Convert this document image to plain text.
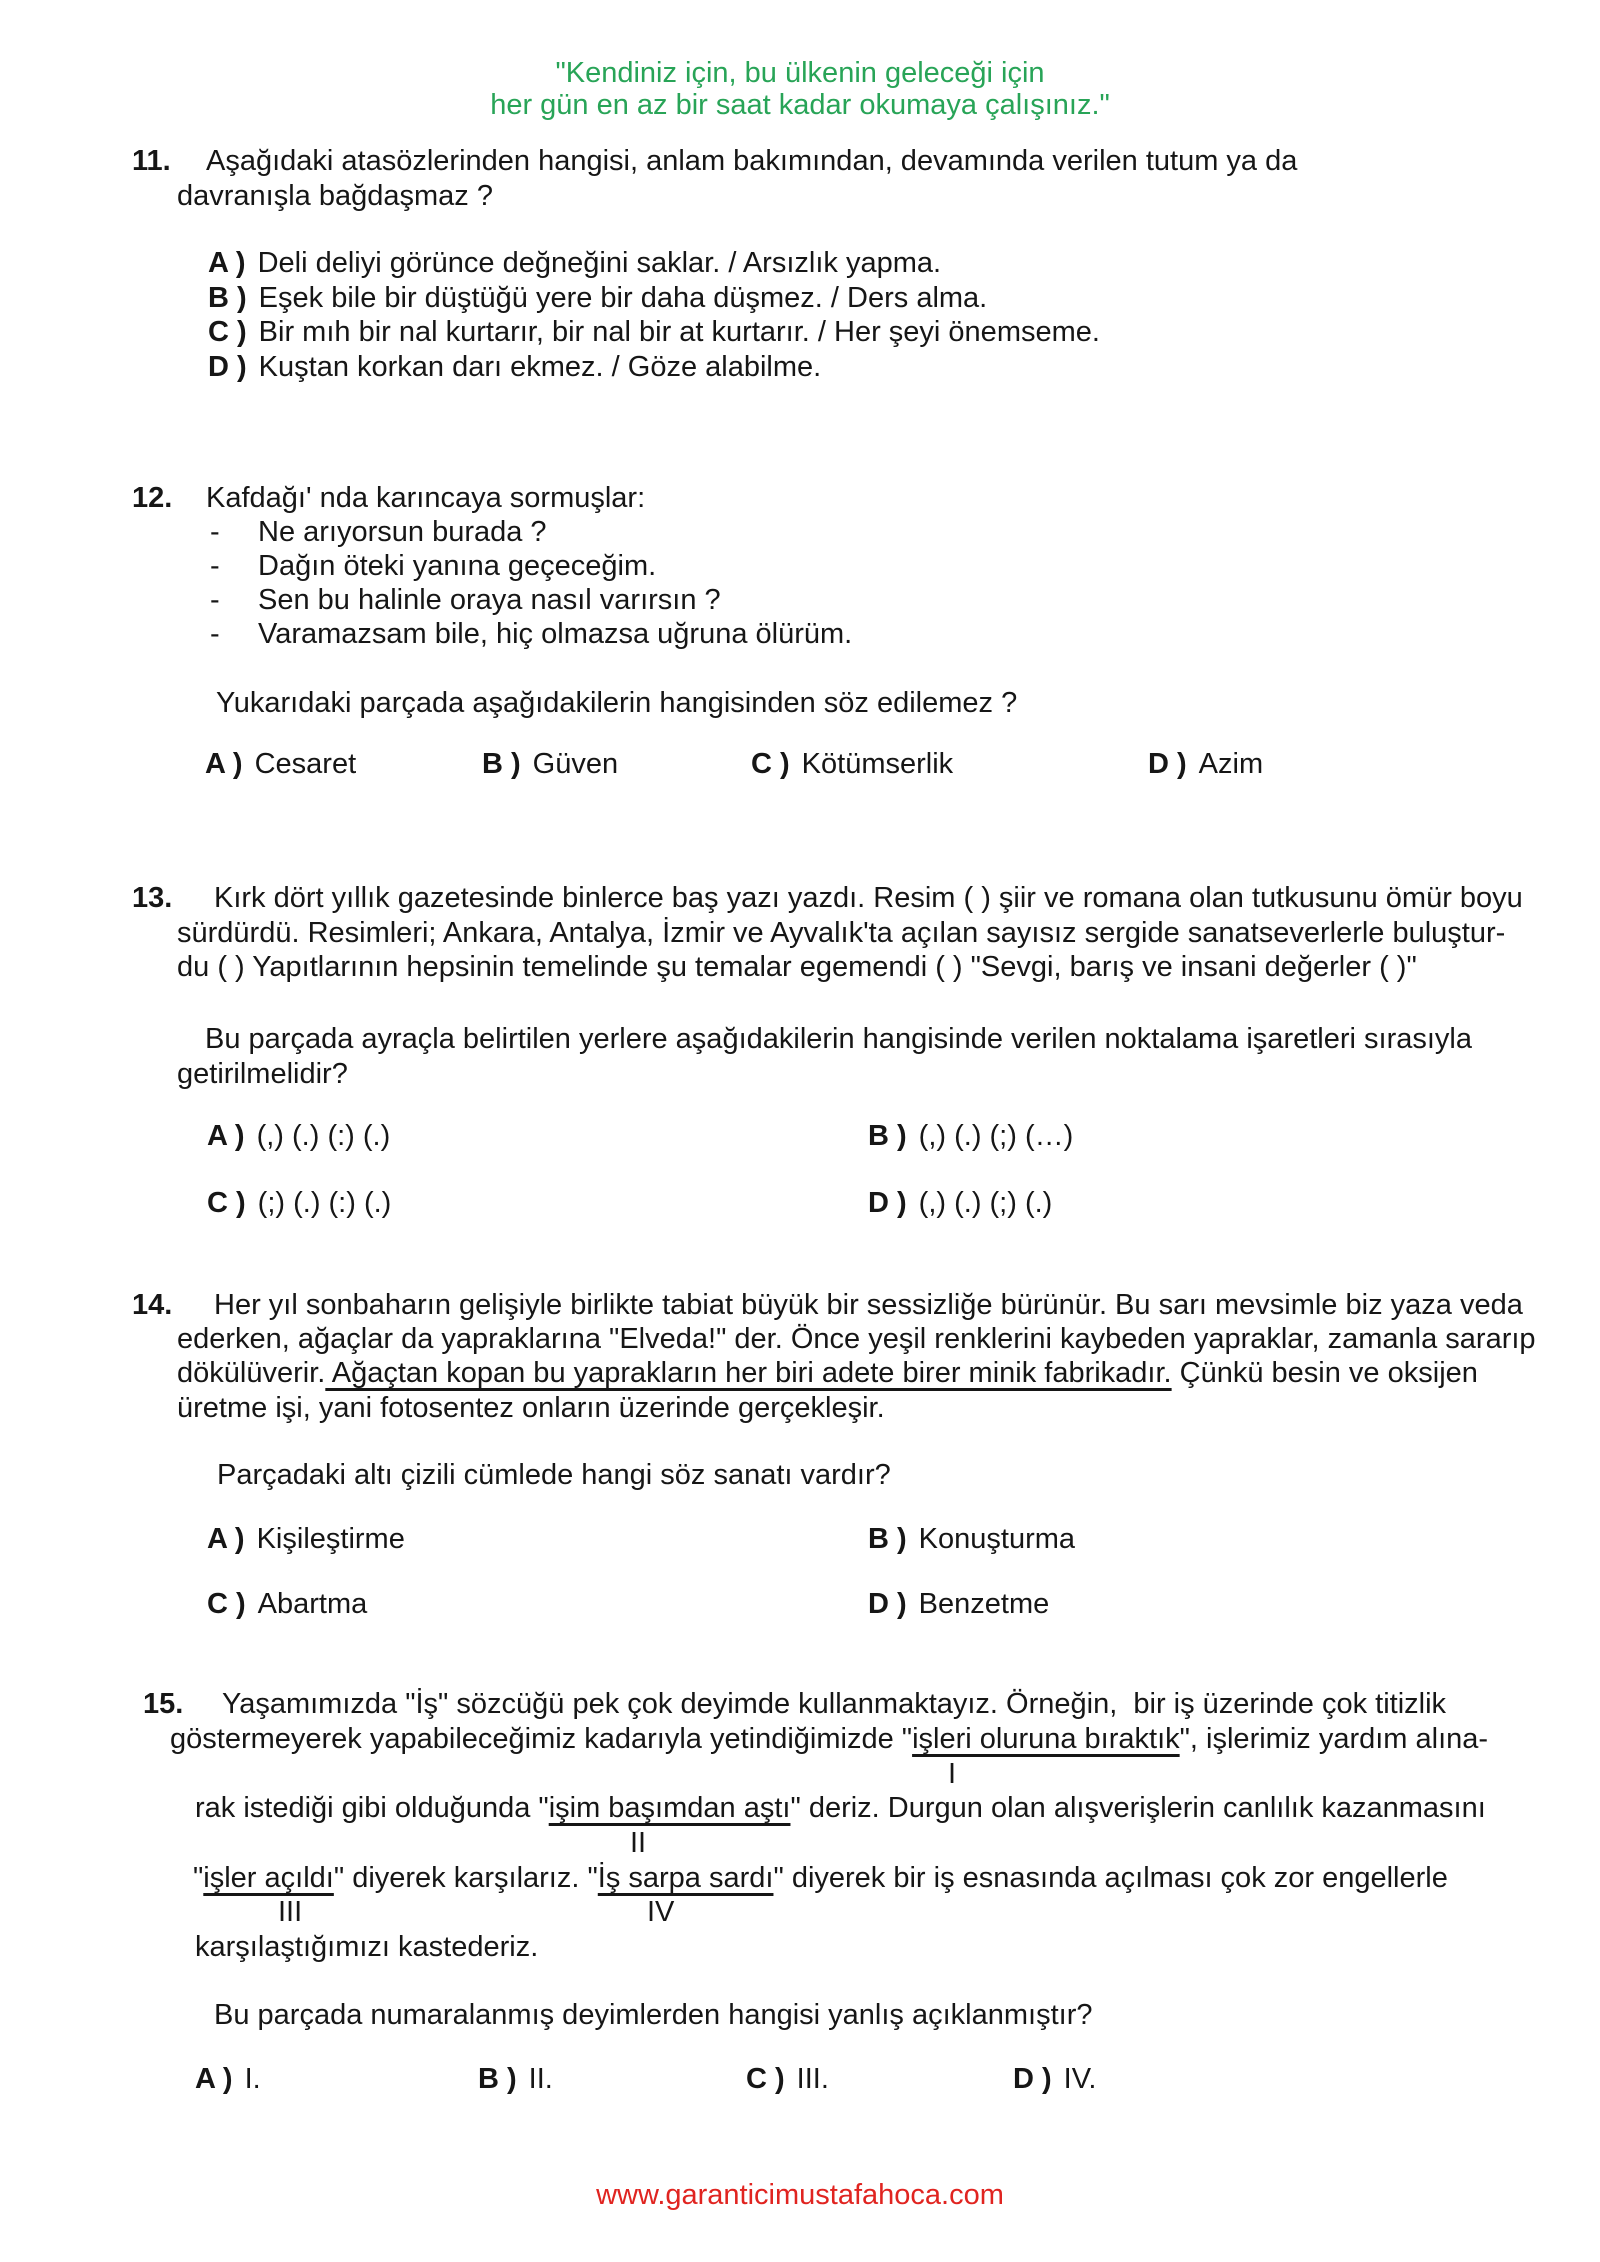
"Kendiniz için, bu ülkenin geleceği için
her gün en az bir saat kadar okumaya çalışınız."
11. Aşağıdaki atasözlerinden hangisi, anlam bakımından, devamında verilen tutum ya da
davranışla bağdaşmaz ?
A ) Deli deliyi görünce değneğini saklar. / Arsızlık yapma.
B ) Eşek bile bir düştüğü yere bir daha düşmez. / Ders alma.
C ) Bir mıh bir nal kurtarır, bir nal bir at kurtarır. / Her şeyi önemseme.
D ) Kuştan korkan darı ekmez. / Göze alabilme.
12. Kafdağı' nda karıncaya sormuşlar:
- Ne arıyorsun burada ?
- Dağın öteki yanına geçeceğim.
- Sen bu halinle oraya nasıl varırsın ?
- Varamazsam bile, hiç olmazsa uğruna ölürüm.
Yukarıdaki parçada aşağıdakilerin hangisinden söz edilemez ?
A ) Cesaret	B ) Güven	C ) Kötümserlik	D ) Azim
13. Kırk dört yıllık gazetesinde binlerce baş yazı yazdı. Resim ( ) şiir ve romana olan tutkusunu ömür boyu
sürdürdü. Resimleri; Ankara, Antalya, İzmir ve Ayvalık'ta açılan sayısız sergide sanatseverlerle buluştur-
du ( ) Yapıtlarının hepsinin temelinde şu temalar egemendi ( ) "Sevgi, barış ve insani değerler ( )"
Bu parçada ayraçla belirtilen yerlere aşağıdakilerin hangisinde verilen noktalama işaretleri sırasıyla
getirilmelidir?
A ) (,) (.) (:) (.)	B ) (,) (.) (;) (…)
C ) (;) (.) (:) (.)	D ) (,) (.) (;) (.)
14. Her yıl sonbaharın gelişiyle birlikte tabiat büyük bir sessizliğe bürünür. Bu sarı mevsimle biz yaza veda
ederken, ağaçlar da yapraklarına "Elveda!" der. Önce yeşil renklerini kaybeden yapraklar, zamanla sararıp
dökülüverir. Ağaçtan kopan bu yaprakların her biri adete birer minik fabrikadır. Çünkü besin ve oksijen
üretme işi, yani fotosentez onların üzerinde gerçekleşir.
Parçadaki altı çizili cümlede hangi söz sanatı vardır?
A ) Kişileştirme	B ) Konuşturma
C ) Abartma	D ) Benzetme
15. Yaşamımızda "İş" sözcüğü pek çok deyimde kullanmaktayız. Örneğin,  bir iş üzerinde çok titizlik
göstermeyerek yapabileceğimiz kadarıyla yetindiğimizde "işleri oluruna bıraktık", işlerimiz yardım alına-
I
rak istediği gibi olduğunda "işim başımdan aştı" deriz. Durgun olan alışverişlerin canlılık kazanmasını
II
"işler açıldı" diyerek karşılarız. "İş sarpa sardı" diyerek bir iş esnasında açılması çok zor engellerle
III	IV
karşılaştığımızı kastederiz.
Bu parçada numaralanmış deyimlerden hangisi yanlış açıklanmıştır?
A ) I.	B ) II.	C ) III.	D ) IV.
www.garanticimustafahoca.com
